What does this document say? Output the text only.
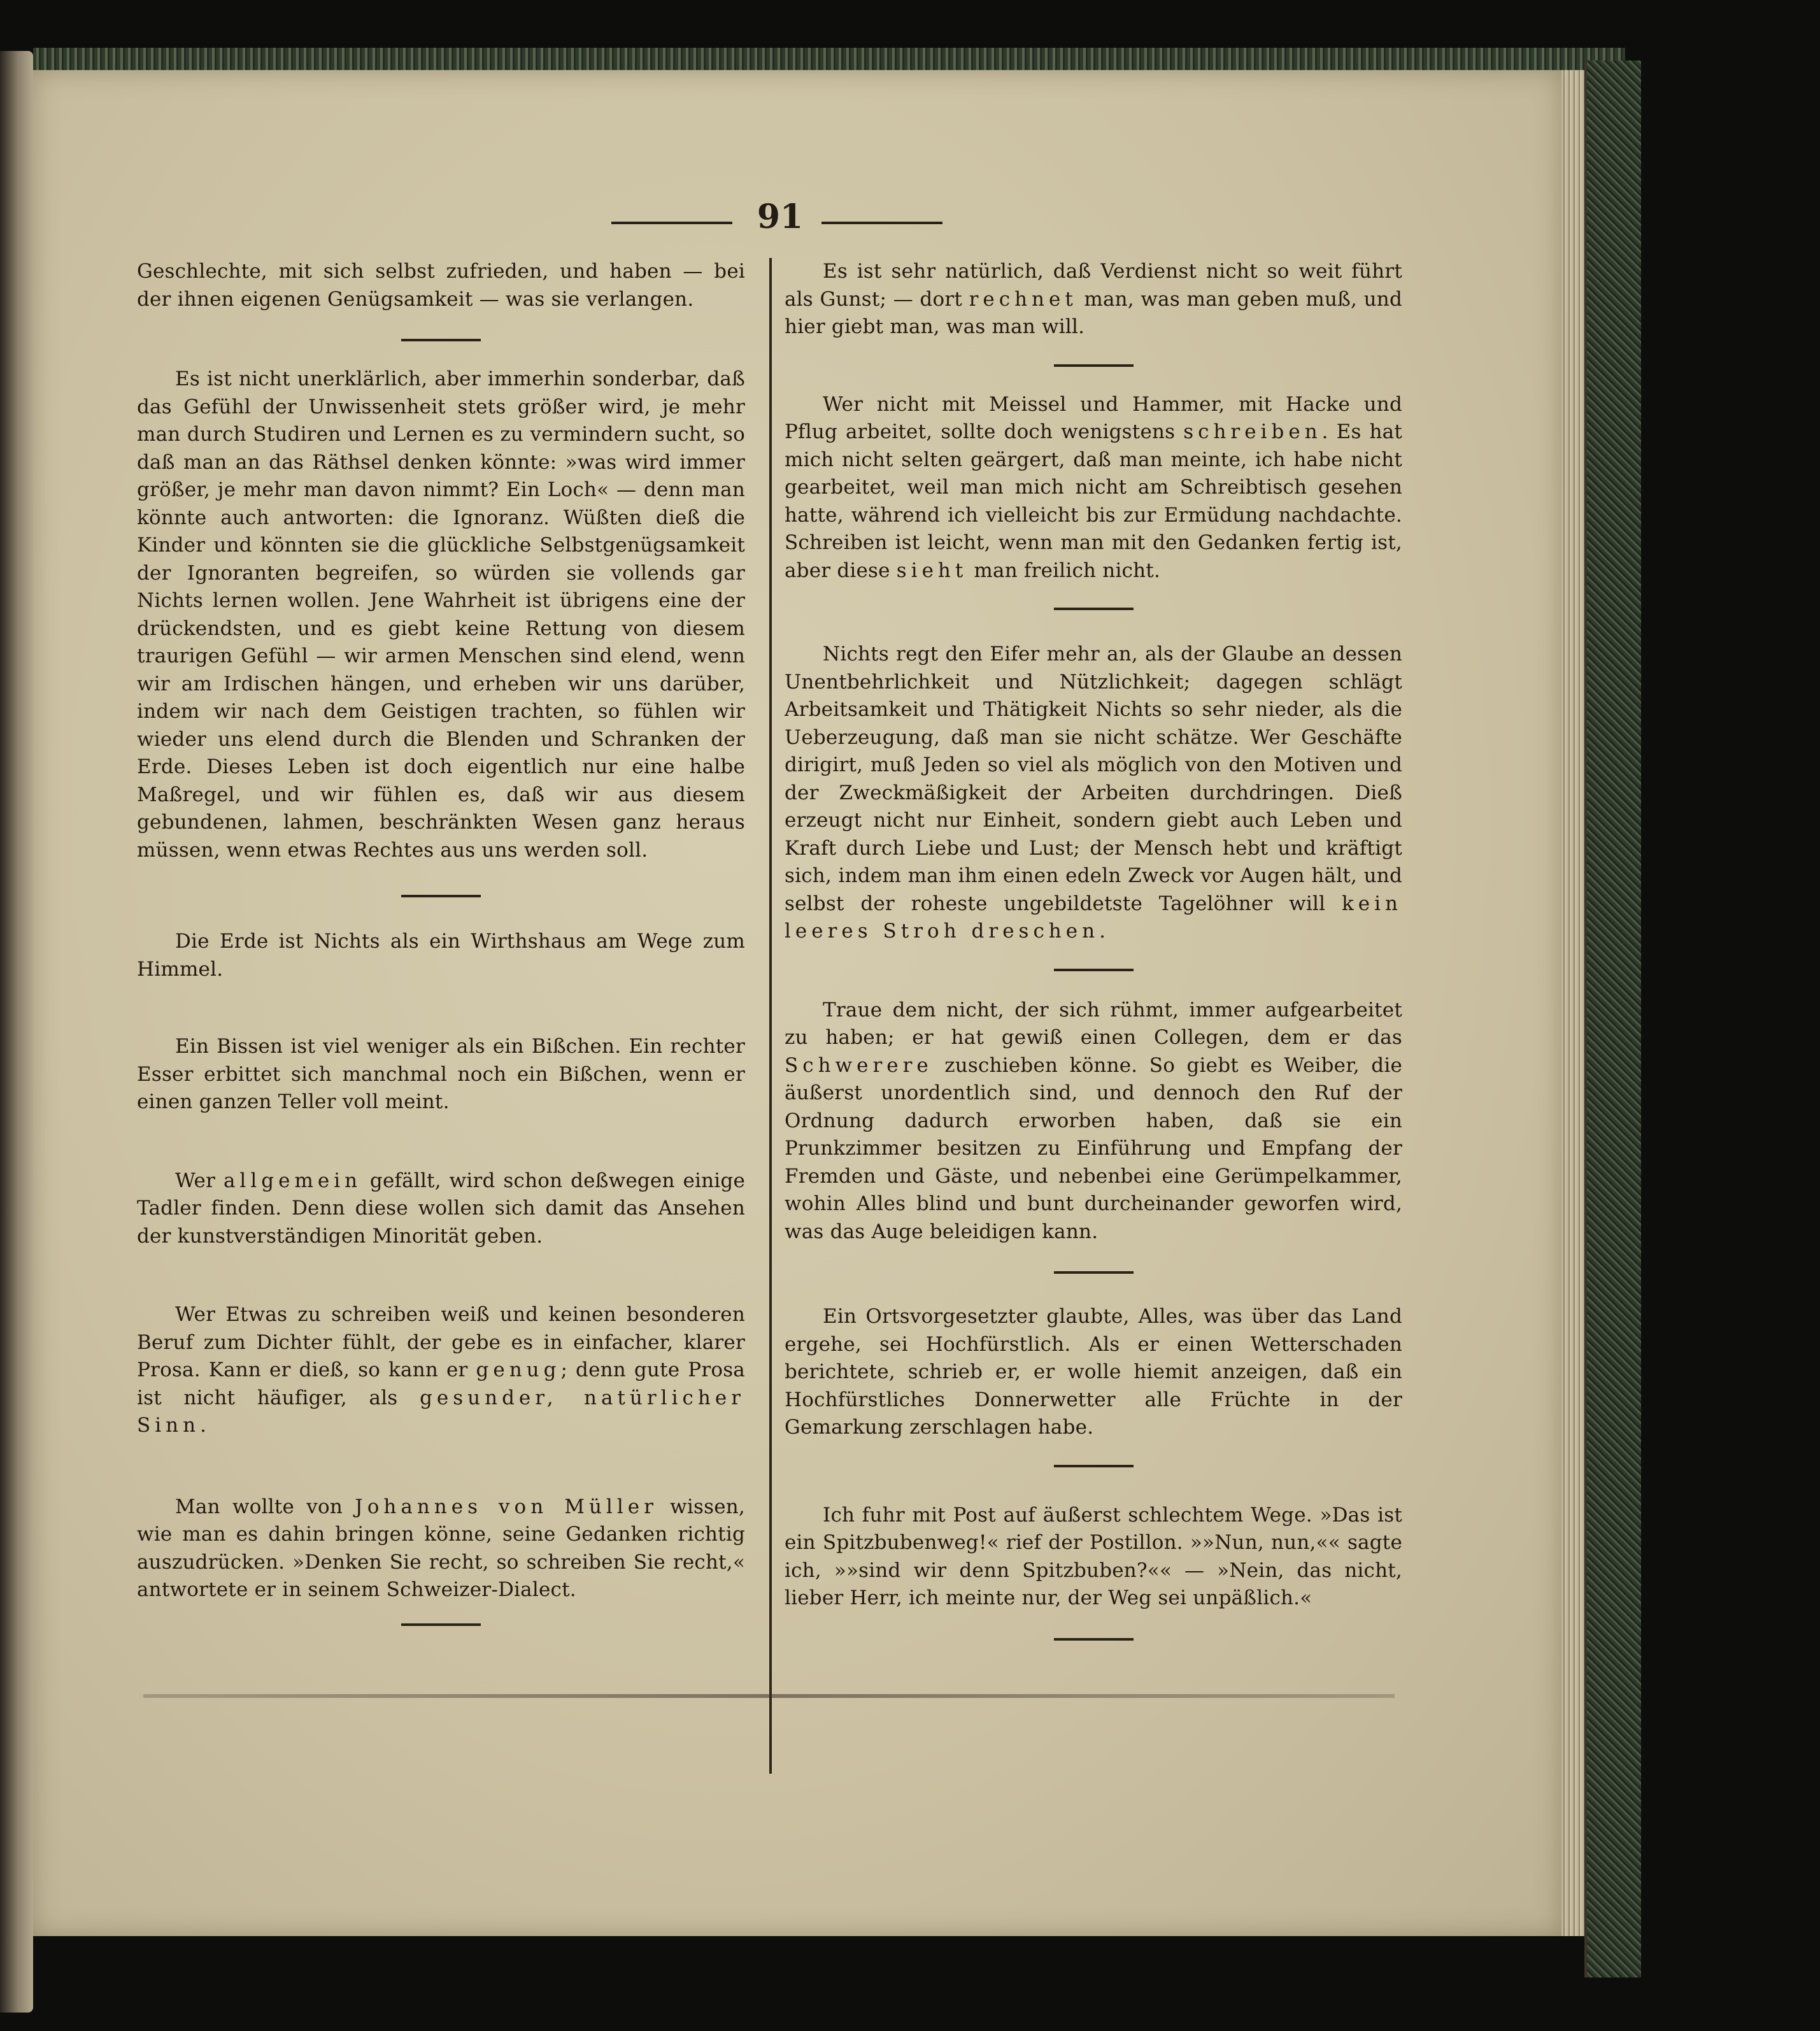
91

Geschlechte, mit sich selbst zufrieden, und haben — bei der ihnen eigenen Genügsamkeit — was sie verlangen.

Es ist nicht unerklärlich, aber immerhin sonderbar, daß das Gefühl der Unwissenheit stets größer wird, je mehr man durch Studiren und Lernen es zu vermindern sucht, so daß man an das Räthsel denken könnte: »was wird immer größer, je mehr man davon nimmt? Ein Loch« — denn man könnte auch antworten: die Ignoranz. Wüßten dieß die Kinder und könnten sie die glückliche Selbstgenügsamkeit der Ignoranten begreifen, so würden sie vollends gar Nichts lernen wollen. Jene Wahrheit ist übrigens eine der drückendsten, und es giebt keine Rettung von diesem traurigen Gefühl — wir armen Menschen sind elend, wenn wir am Irdischen hängen, und erheben wir uns darüber, indem wir nach dem Geistigen trachten, so fühlen wir wieder uns elend durch die Blenden und Schranken der Erde. Dieses Leben ist doch eigentlich nur eine halbe Maßregel, und wir fühlen es, daß wir aus diesem gebundenen, lahmen, beschränkten Wesen ganz heraus müssen, wenn etwas Rechtes aus uns werden soll.

Die Erde ist Nichts als ein Wirthshaus am Wege zum Himmel.

Ein Bissen ist viel weniger als ein Bißchen. Ein rechter Esser erbittet sich manchmal noch ein Bißchen, wenn er einen ganzen Teller voll meint.

Wer allgemein gefällt, wird schon deßwegen einige Tadler finden. Denn diese wollen sich damit das Ansehen der kunstverständigen Minorität geben.

Wer Etwas zu schreiben weiß und keinen besonderen Beruf zum Dichter fühlt, der gebe es in einfacher, klarer Prosa. Kann er dieß, so kann er genug; denn gute Prosa ist nicht häufiger, als gesunder, natürlicher Sinn.

Man wollte von Johannes von Müller wissen, wie man es dahin bringen könne, seine Gedanken richtig auszudrücken. »Denken Sie recht, so schreiben Sie recht,« antwortete er in seinem Schweizer-Dialect.

Es ist sehr natürlich, daß Verdienst nicht so weit führt als Gunst; — dort rechnet man, was man geben muß, und hier giebt man, was man will.

Wer nicht mit Meissel und Hammer, mit Hacke und Pflug arbeitet, sollte doch wenigstens schreiben. Es hat mich nicht selten geärgert, daß man meinte, ich habe nicht gearbeitet, weil man mich nicht am Schreibtisch gesehen hatte, während ich vielleicht bis zur Ermüdung nachdachte. Schreiben ist leicht, wenn man mit den Gedanken fertig ist, aber diese sieht man freilich nicht.

Nichts regt den Eifer mehr an, als der Glaube an dessen Unentbehrlichkeit und Nützlichkeit; dagegen schlägt Arbeitsamkeit und Thätigkeit Nichts so sehr nieder, als die Ueberzeugung, daß man sie nicht schätze. Wer Geschäfte dirigirt, muß Jeden so viel als möglich von den Motiven und der Zweckmäßigkeit der Arbeiten durchdringen. Dieß erzeugt nicht nur Einheit, sondern giebt auch Leben und Kraft durch Liebe und Lust; der Mensch hebt und kräftigt sich, indem man ihm einen edeln Zweck vor Augen hält, und selbst der roheste ungebildetste Tagelöhner will kein leeres Stroh dreschen.

Traue dem nicht, der sich rühmt, immer aufgearbeitet zu haben; er hat gewiß einen Collegen, dem er das Schwerere zuschieben könne. So giebt es Weiber, die äußerst unordentlich sind, und dennoch den Ruf der Ordnung dadurch erworben haben, daß sie ein Prunkzimmer besitzen zu Einführung und Empfang der Fremden und Gäste, und nebenbei eine Gerümpelkammer, wohin Alles blind und bunt durcheinander geworfen wird, was das Auge beleidigen kann.

Ein Ortsvorgesetzter glaubte, Alles, was über das Land ergehe, sei Hochfürstlich. Als er einen Wetterschaden berichtete, schrieb er, er wolle hiemit anzeigen, daß ein Hochfürstliches Donnerwetter alle Früchte in der Gemarkung zerschlagen habe.

Ich fuhr mit Post auf äußerst schlechtem Wege. »Das ist ein Spitzbubenweg!« rief der Postillon. »»Nun, nun,«« sagte ich, »»sind wir denn Spitzbuben?«« — »Nein, das nicht, lieber Herr, ich meinte nur, der Weg sei unpäßlich.«
